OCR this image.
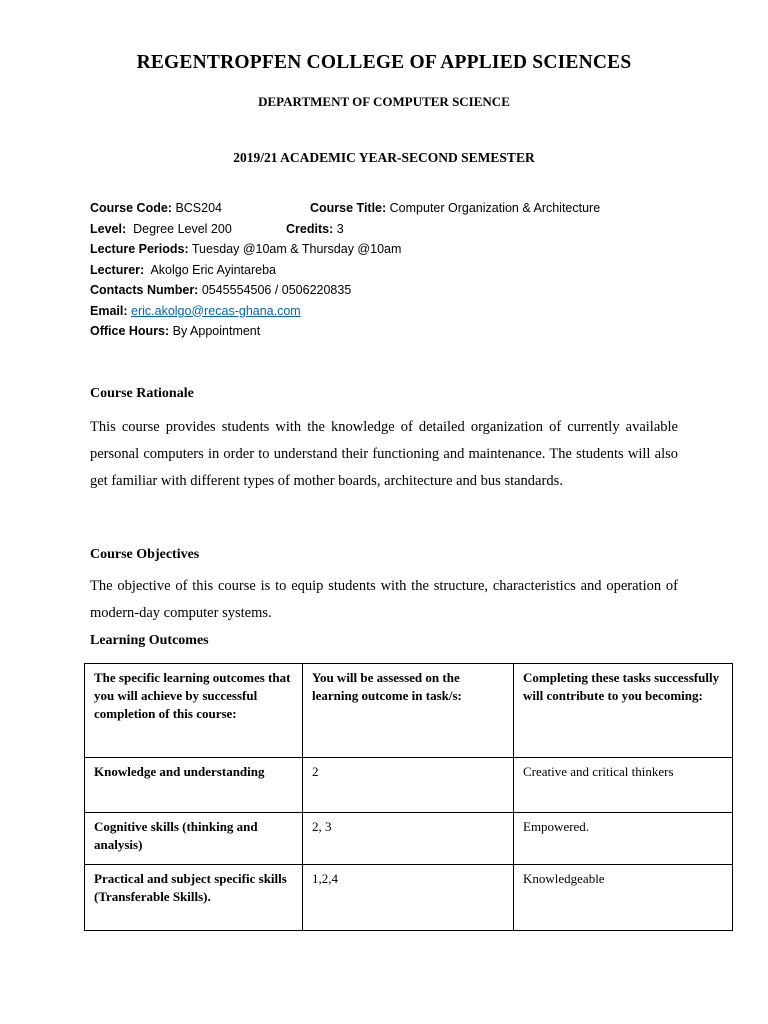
REGENTROPFEN COLLEGE OF APPLIED SCIENCES
DEPARTMENT OF COMPUTER SCIENCE
2019/21 ACADEMIC YEAR-SECOND SEMESTER
Course Code: BCS204	Course Title: Computer Organization & Architecture
Level: Degree Level 200	Credits: 3
Lecture Periods: Tuesday @10am & Thursday @10am
Lecturer: Akolgo Eric Ayintareba
Contacts Number: 0545554506 / 0506220835
Email: eric.akolgo@recas-ghana.com
Office Hours: By Appointment
Course Rationale
This course provides students with the knowledge of detailed organization of currently available personal computers in order to understand their functioning and maintenance. The students will also get familiar with different types of mother boards, architecture and bus standards.
Course Objectives
The objective of this course is to equip students with the structure, characteristics and operation of modern-day computer systems.
Learning Outcomes
The specific learning outcomes that you will achieve by successful completion of this course:	You will be assessed on the learning outcome in task/s:	Completing these tasks successfully will contribute to you becoming:
Knowledge and understanding	2	Creative and critical thinkers
Cognitive skills (thinking and analysis)	2, 3	Empowered.
Practical and subject specific skills (Transferable Skills).	1,2,4	Knowledgeable
